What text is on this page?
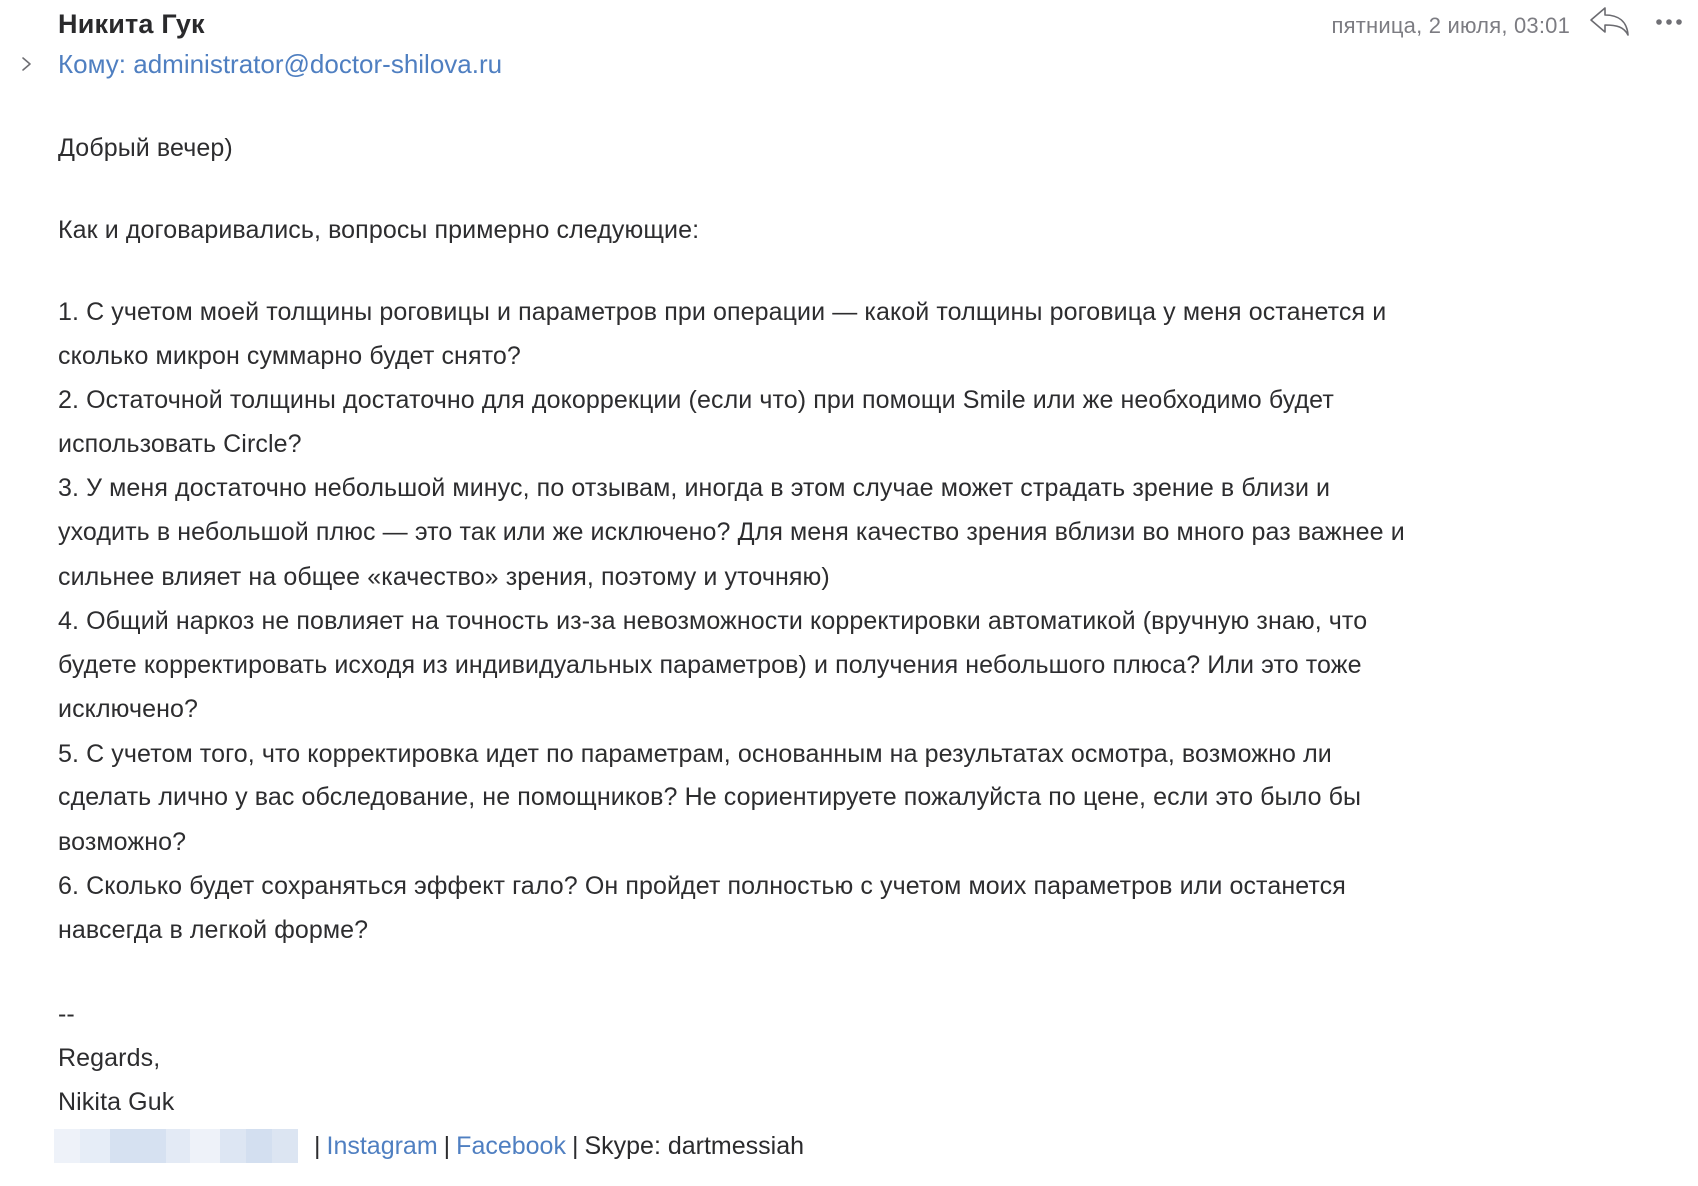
Никита Гук
Кому: administrator@doctor-shilova.ru
пятница, 2 июля, 03:01
Добрый вечер)
Как и договаривались, вопросы примерно следующие:
1. С учетом моей толщины роговицы и параметров при операции — какой толщины роговица у меня останется и
сколько микрон суммарно будет снято?
2. Остаточной толщины достаточно для докоррекции (если что) при помощи Smile или же необходимо будет
использовать Circle?
3. У меня достаточно небольшой минус, по отзывам, иногда в этом случае может страдать зрение в близи и
уходить в небольшой плюс — это так или же исключено? Для меня качество зрения вблизи во много раз важнее и
сильнее влияет на общее «качество» зрения, поэтому и уточняю)
4. Общий наркоз не повлияет на точность из-за невозможности корректировки автоматикой (вручную знаю, что
будете корректировать исходя из индивидуальных параметров) и получения небольшого плюса? Или это тоже
исключено?
5. С учетом того, что корректировка идет по параметрам, основанным на результатах осмотра, возможно ли
сделать лично у вас обследование, не помощников? Не сориентируете пожалуйста по цене, если это было бы
возможно?
6. Сколько будет сохраняться эффект гало? Он пройдет полностью с учетом моих параметров или останется
навсегда в легкой форме?
--
Regards,
Nikita Guk
| Instagram | Facebook | Skype: dartmessiah
